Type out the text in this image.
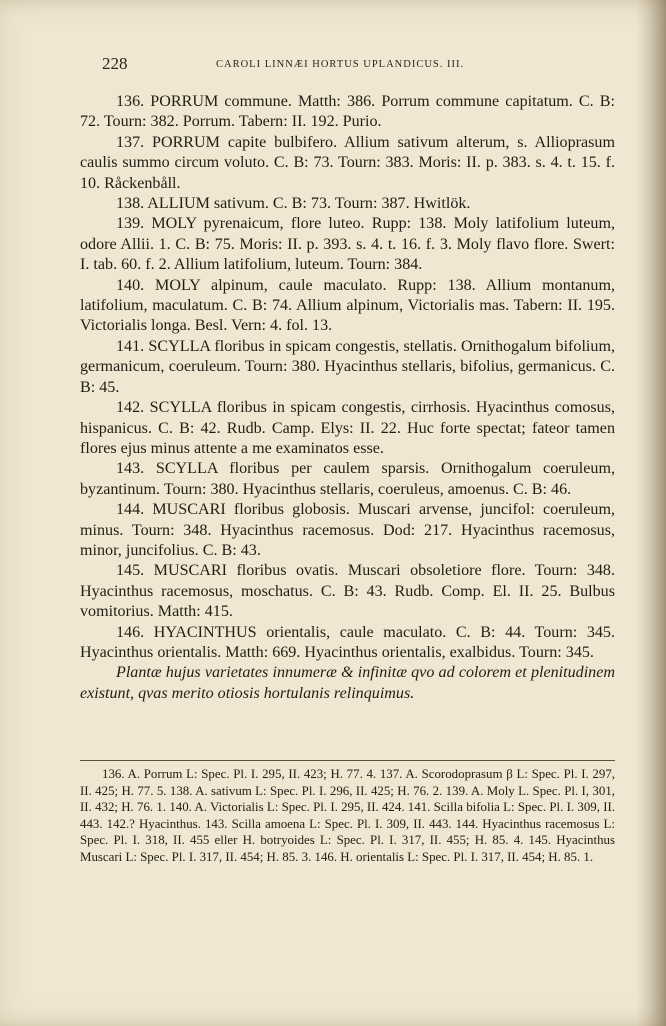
228	CAROLI LINNÆI HORTUS UPLANDICUS. III.

136. PORRUM commune. Matth: 386. Porrum commune capitatum. C. B: 72. Tourn: 382. Porrum. Tabern: II. 192. Purio.

137. PORRUM capite bulbifero. Allium sativum alterum, s. Allioprasum caulis summo circum voluto. C. B: 73. Tourn: 383. Moris: II. p. 383. s. 4. t. 15. f. 10. Råckenbåll.

138. ALLIUM sativum. C. B: 73. Tourn: 387. Hwitlök.

139. MOLY pyrenaicum, flore luteo. Rupp: 138. Moly latifolium luteum, odore Allii. 1. C. B: 75. Moris: II. p. 393. s. 4. t. 16. f. 3. Moly flavo flore. Swert: I. tab. 60. f. 2. Allium latifolium, luteum. Tourn: 384.

140. MOLY alpinum, caule maculato. Rupp: 138. Allium montanum, latifolium, maculatum. C. B: 74. Allium alpinum, Victorialis mas. Tabern: II. 195. Victorialis longa. Besl. Vern: 4. fol. 13.

141. SCYLLA floribus in spicam congestis, stellatis. Ornithogalum bifolium, germanicum, coeruleum. Tourn: 380. Hyacinthus stellaris, bifolius, germanicus. C. B: 45.

142. SCYLLA floribus in spicam congestis, cirrhosis. Hyacinthus comosus, hispanicus. C. B: 42. Rudb. Camp. Elys: II. 22. Huc forte spectat; fateor tamen flores ejus minus attente a me examinatos esse.

143. SCYLLA floribus per caulem sparsis. Ornithogalum coeruleum, byzantinum. Tourn: 380. Hyacinthus stellaris, coeruleus, amoenus. C. B: 46.

144. MUSCARI floribus globosis. Muscari arvense, juncifol: coeruleum, minus. Tourn: 348. Hyacinthus racemosus. Dod: 217. Hyacinthus racemosus, minor, juncifolius. C. B: 43.

145. MUSCARI floribus ovatis. Muscari obsoletiore flore. Tourn: 348. Hyacinthus racemosus, moschatus. C. B: 43. Rudb. Comp. El. II. 25. Bulbus vomitorius. Matth: 415.

146. HYACINTHUS orientalis, caule maculato. C. B: 44. Tourn: 345. Hyacinthus orientalis. Matth: 669. Hyacinthus orientalis, exalbidus. Tourn: 345.

Plantæ hujus varietates innumeræ & infinitæ qvo ad colorem et plenitudinem existunt, qvas merito otiosis hortulanis relinquimus.

136. A. Porrum L: Spec. Pl. I. 295, II. 423; H. 77. 4. 137. A. Scorodoprasum β L: Spec. Pl. I. 297, II. 425; H. 77. 5. 138. A. sativum L: Spec. Pl. I. 296, II. 425; H. 76. 2. 139. A. Moly L. Spec. Pl. I, 301, II. 432; H. 76. 1. 140. A. Victorialis L: Spec. Pl. I. 295, II. 424. 141. Scilla bifolia L: Spec. Pl. I. 309, II. 443. 142.? Hyacinthus. 143. Scilla amoena L: Spec. Pl. I. 309, II. 443. 144. Hyacinthus racemosus L: Spec. Pl. I. 318, II. 455 eller H. botryoides L: Spec. Pl. I. 317, II. 455; H. 85. 4. 145. Hyacinthus Muscari L: Spec. Pl. I. 317, II. 454; H. 85. 3. 146. H. orientalis L: Spec. Pl. I. 317, II. 454; H. 85. 1.
